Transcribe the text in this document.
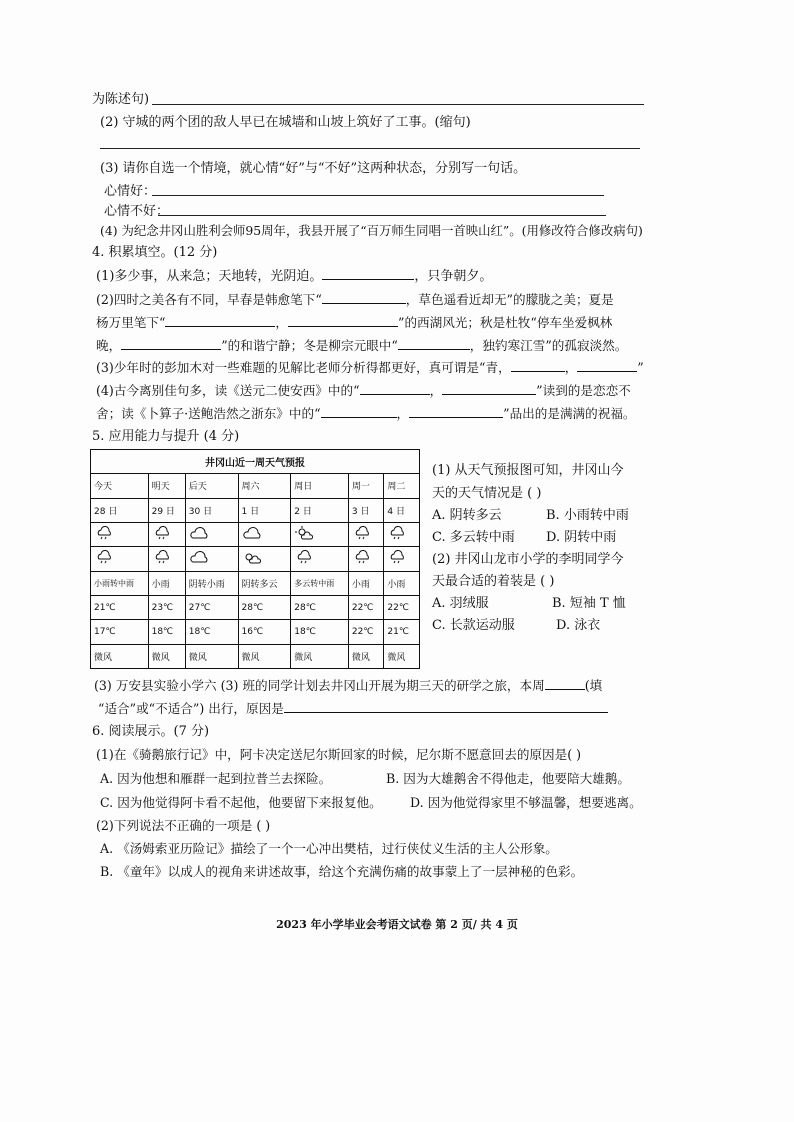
为陈述句)
(2) 守城的两个团的敌人早已在城墙和山坡上筑好了工事。(缩句)
(3) 请你自选一个情境，就心情“好”与“不好”这两种状态，分别写一句话。
心情好：
心情不好：
(4) 为纪念井冈山胜利会师95周年，我县开展了“百万师生同唱一首映山红”。(用修改符合修改病句)
4. 积累填空。(12 分)
(1)多少事，从来急；天地转，光阴迫。	，只争朝夕。
(2)四时之美各有不同，早春是韩愈笔下“	，草色遥看近却无”的朦胧之美；夏是
杨万里笔下“	，	”的西湖风光；秋是杜牧“停车坐爱枫林
晚，	”的和谐宁静；冬是柳宗元眼中“	，独钓寒江雪”的孤寂淡然。
(3)少年时的彭加木对一些难题的见解比老师分析得都更好，真可谓是“青，	，	”
(4)古今离别佳句多，读《送元二使安西》中的“	，	”读到的是恋恋不
舍；读《卜算子·送鲍浩然之浙东》中的“	，	”品出的是满满的祝福。
5. 应用能力与提升 (4 分)
井冈山近一周天气预报						
今天	明天	后天	周六	周日	周一	周二
28 日	29 日	30 日	1 日	2 日	3 日	4 日

小雨转中雨	小雨	阴转小雨	阴转多云	多云转中雨	小雨	小雨
21℃	23℃	27℃	28℃	28℃	22℃	22℃
17℃	18℃	18℃	16℃	18℃	22℃	21℃
微风	微风	微风	微风	微风	微风	微风
(1) 从天气预报图可知，井冈山今
天的天气情况是 ( )
A. 阴转多云	B. 小雨转中雨
C. 多云转中雨 D. 阴转中雨
(2) 井冈山龙市小学的李明同学今
天最合适的着装是 ( )
A. 羽绒服	B. 短袖 T 恤
C. 长款运动服	D. 泳衣
(3) 万安县实验小学六 (3) 班的同学计划去井冈山开展为期三天的研学之旅，本周	(填
“适合”或“不适合”) 出行，原因是
6. 阅读展示。(7 分)
(1)在《骑鹅旅行记》中，阿卡决定送尼尔斯回家的时候，尼尔斯不愿意回去的原因是( )
A. 因为他想和雁群一起到拉普兰去探险。	B. 因为大雄鹅舍不得他走，他要陪大雄鹅。
C. 因为他觉得阿卡看不起他，他要留下来报复他。 D. 因为他觉得家里不够温馨，想要逃离。
(2)下列说法不正确的一项是 ( )
A. 《汤姆索亚历险记》描绘了一个一心冲出樊桔，过行侠仗义生活的主人公形象。
B. 《童年》以成人的视角来讲述故事，给这个充满伤痛的故事蒙上了一层神秘的色彩。
2023 年小学毕业会考语文试卷 第 2 页/ 共 4 页
